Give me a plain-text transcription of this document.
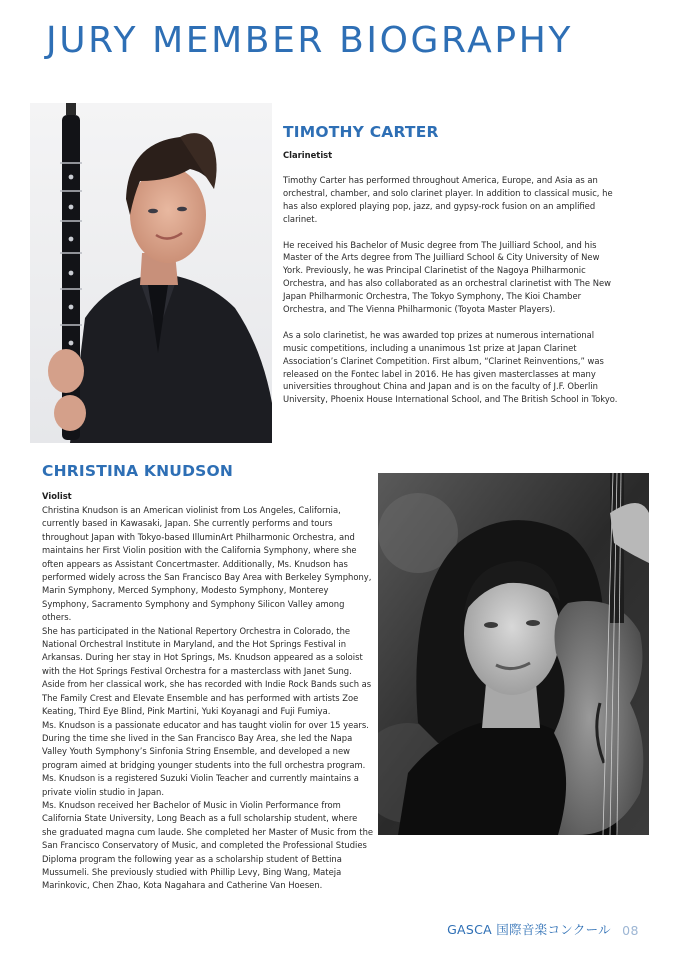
JURY MEMBER BIOGRAPHY
TIMOTHY CARTER
Clarinetist

Timothy Carter has performed throughout America, Europe, and Asia as an orchestral, chamber, and solo clarinet player. In addition to classical music, he has also explored playing pop, jazz, and gypsy-rock fusion on an amplified clarinet.

He received his Bachelor of Music degree from The Juilliard School, and his Master of the Arts degree from The Juilliard School & City University of New York. Previously, he was Principal Clarinetist of the Nagoya Philharmonic Orchestra, and has also collaborated as an orchestral clarinetist with The New Japan Philharmonic Orchestra, The Tokyo Symphony, The Kioi Chamber Orchestra, and The Vienna Philharmonic (Toyota Master Players).

As a solo clarinetist, he was awarded top prizes at numerous international music competitions, including a unanimous 1st prize at Japan Clarinet Association’s Clarinet Competition. First album, “Clarinet Reinventions,” was released on the Fontec label in 2016. He has given masterclasses at many universities throughout China and Japan and is on the faculty of J.F. Oberlin University, Phoenix House International School, and The British School in Tokyo.

CHRISTINA KNUDSON
Violist

Christina Knudson is an American violinist from Los Angeles, California, currently based in Kawasaki, Japan. She currently performs and tours throughout Japan with Tokyo-based IlluminArt Philharmonic Orchestra, and maintains her First Violin position with the California Symphony, where she often appears as Assistant Concertmaster. Additionally, Ms. Knudson has performed widely across the San Francisco Bay Area with Berkeley Symphony, Marin Symphony, Merced Symphony, Modesto Symphony, Monterey Symphony, Sacramento Symphony and Symphony Silicon Valley among others.

She has participated in the National Repertory Orchestra in Colorado, the National Orchestral Institute in Maryland, and the Hot Springs Festival in Arkansas. During her stay in Hot Springs, Ms. Knudson appeared as a soloist with the Hot Springs Festival Orchestra for a masterclass with Janet Sung. Aside from her classical work, she has recorded with Indie Rock Bands such as The Family Crest and Elevate Ensemble and has performed with artists Zoe Keating, Third Eye Blind, Pink Martini, Yuki Koyanagi and Fuji Fumiya.

Ms. Knudson is a passionate educator and has taught violin for over 15 years. During the time she lived in the San Francisco Bay Area, she led the Napa Valley Youth Symphony’s Sinfonia String Ensemble, and developed a new program aimed at bridging younger students into the full orchestra program. Ms. Knudson is a registered Suzuki Violin Teacher and currently maintains a private violin studio in Japan.

Ms. Knudson received her Bachelor of Music in Violin Performance from California State University, Long Beach as a full scholarship student, where she graduated magna cum laude. She completed her Master of Music from the San Francisco Conservatory of Music, and completed the Professional Studies Diploma program the following year as a scholarship student of Bettina Mussumeli. She previously studied with Phillip Levy, Bing Wang, Mateja Marinkovic, Chen Zhao, Kota Nagahara and Catherine Van Hoesen.

GASCA 国際音楽コンクール 08
